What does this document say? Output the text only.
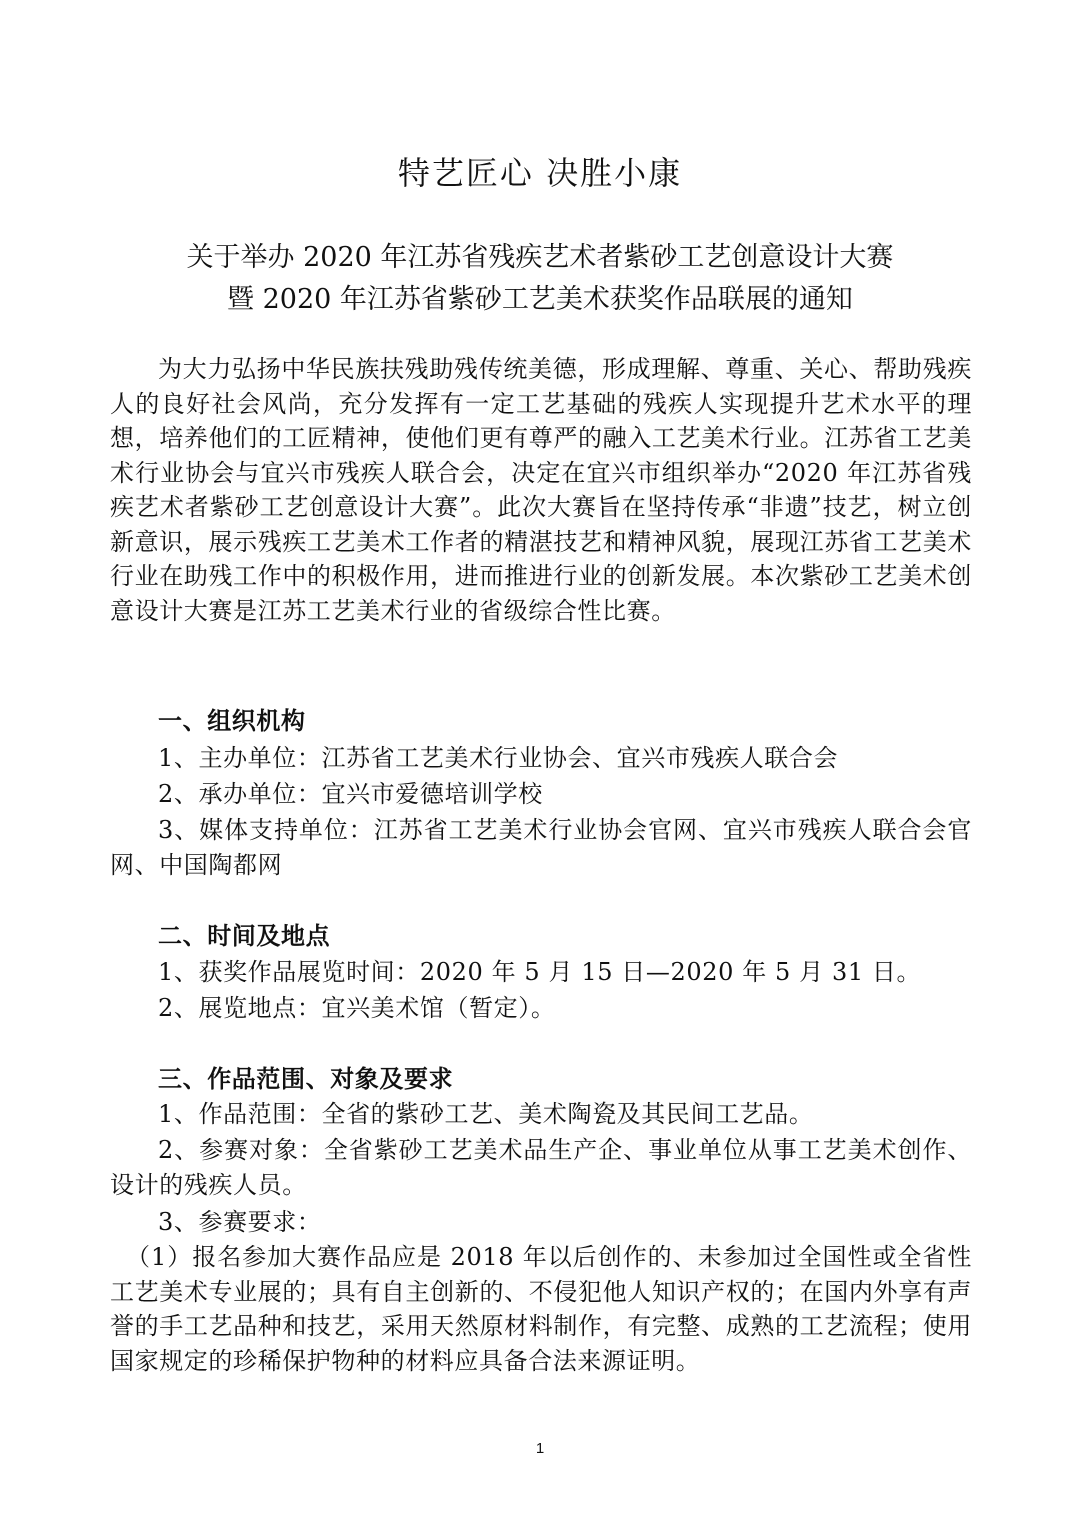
特艺匠心 决胜小康
关于举办 2020 年江苏省残疾艺术者紫砂工艺创意设计大赛
暨 2020 年江苏省紫砂工艺美术获奖作品联展的通知
为大力弘扬中华民族扶残助残传统美德，形成理解、尊重、关心、帮助残疾人的良好社会风尚，充分发挥有一定工艺基础的残疾人实现提升艺术水平的理想，培养他们的工匠精神，使他们更有尊严的融入工艺美术行业。江苏省工艺美术行业协会与宜兴市残疾人联合会，决定在宜兴市组织举办“2020 年江苏省残疾艺术者紫砂工艺创意设计大赛”。此次大赛旨在坚持传承“非遗”技艺，树立创新意识，展示残疾工艺美术工作者的精湛技艺和精神风貌，展现江苏省工艺美术行业在助残工作中的积极作用，进而推进行业的创新发展。本次紫砂工艺美术创意设计大赛是江苏工艺美术行业的省级综合性比赛。
一、组织机构
1、主办单位：江苏省工艺美术行业协会、宜兴市残疾人联合会
2、承办单位：宜兴市爱德培训学校
3、媒体支持单位：江苏省工艺美术行业协会官网、宜兴市残疾人联合会官网、中国陶都网
二、时间及地点
1、获奖作品展览时间：2020 年 5 月 15 日—2020 年 5 月 31 日。
2、展览地点：宜兴美术馆（暂定）。
三、作品范围、对象及要求
1、作品范围：全省的紫砂工艺、美术陶瓷及其民间工艺品。
2、参赛对象：全省紫砂工艺美术品生产企、事业单位从事工艺美术创作、设计的残疾人员。
3、参赛要求：
（1）报名参加大赛作品应是 2018 年以后创作的、未参加过全国性或全省性工艺美术专业展的；具有自主创新的、不侵犯他人知识产权的；在国内外享有声誉的手工艺品种和技艺，采用天然原材料制作，有完整、成熟的工艺流程；使用国家规定的珍稀保护物种的材料应具备合法来源证明。
1
